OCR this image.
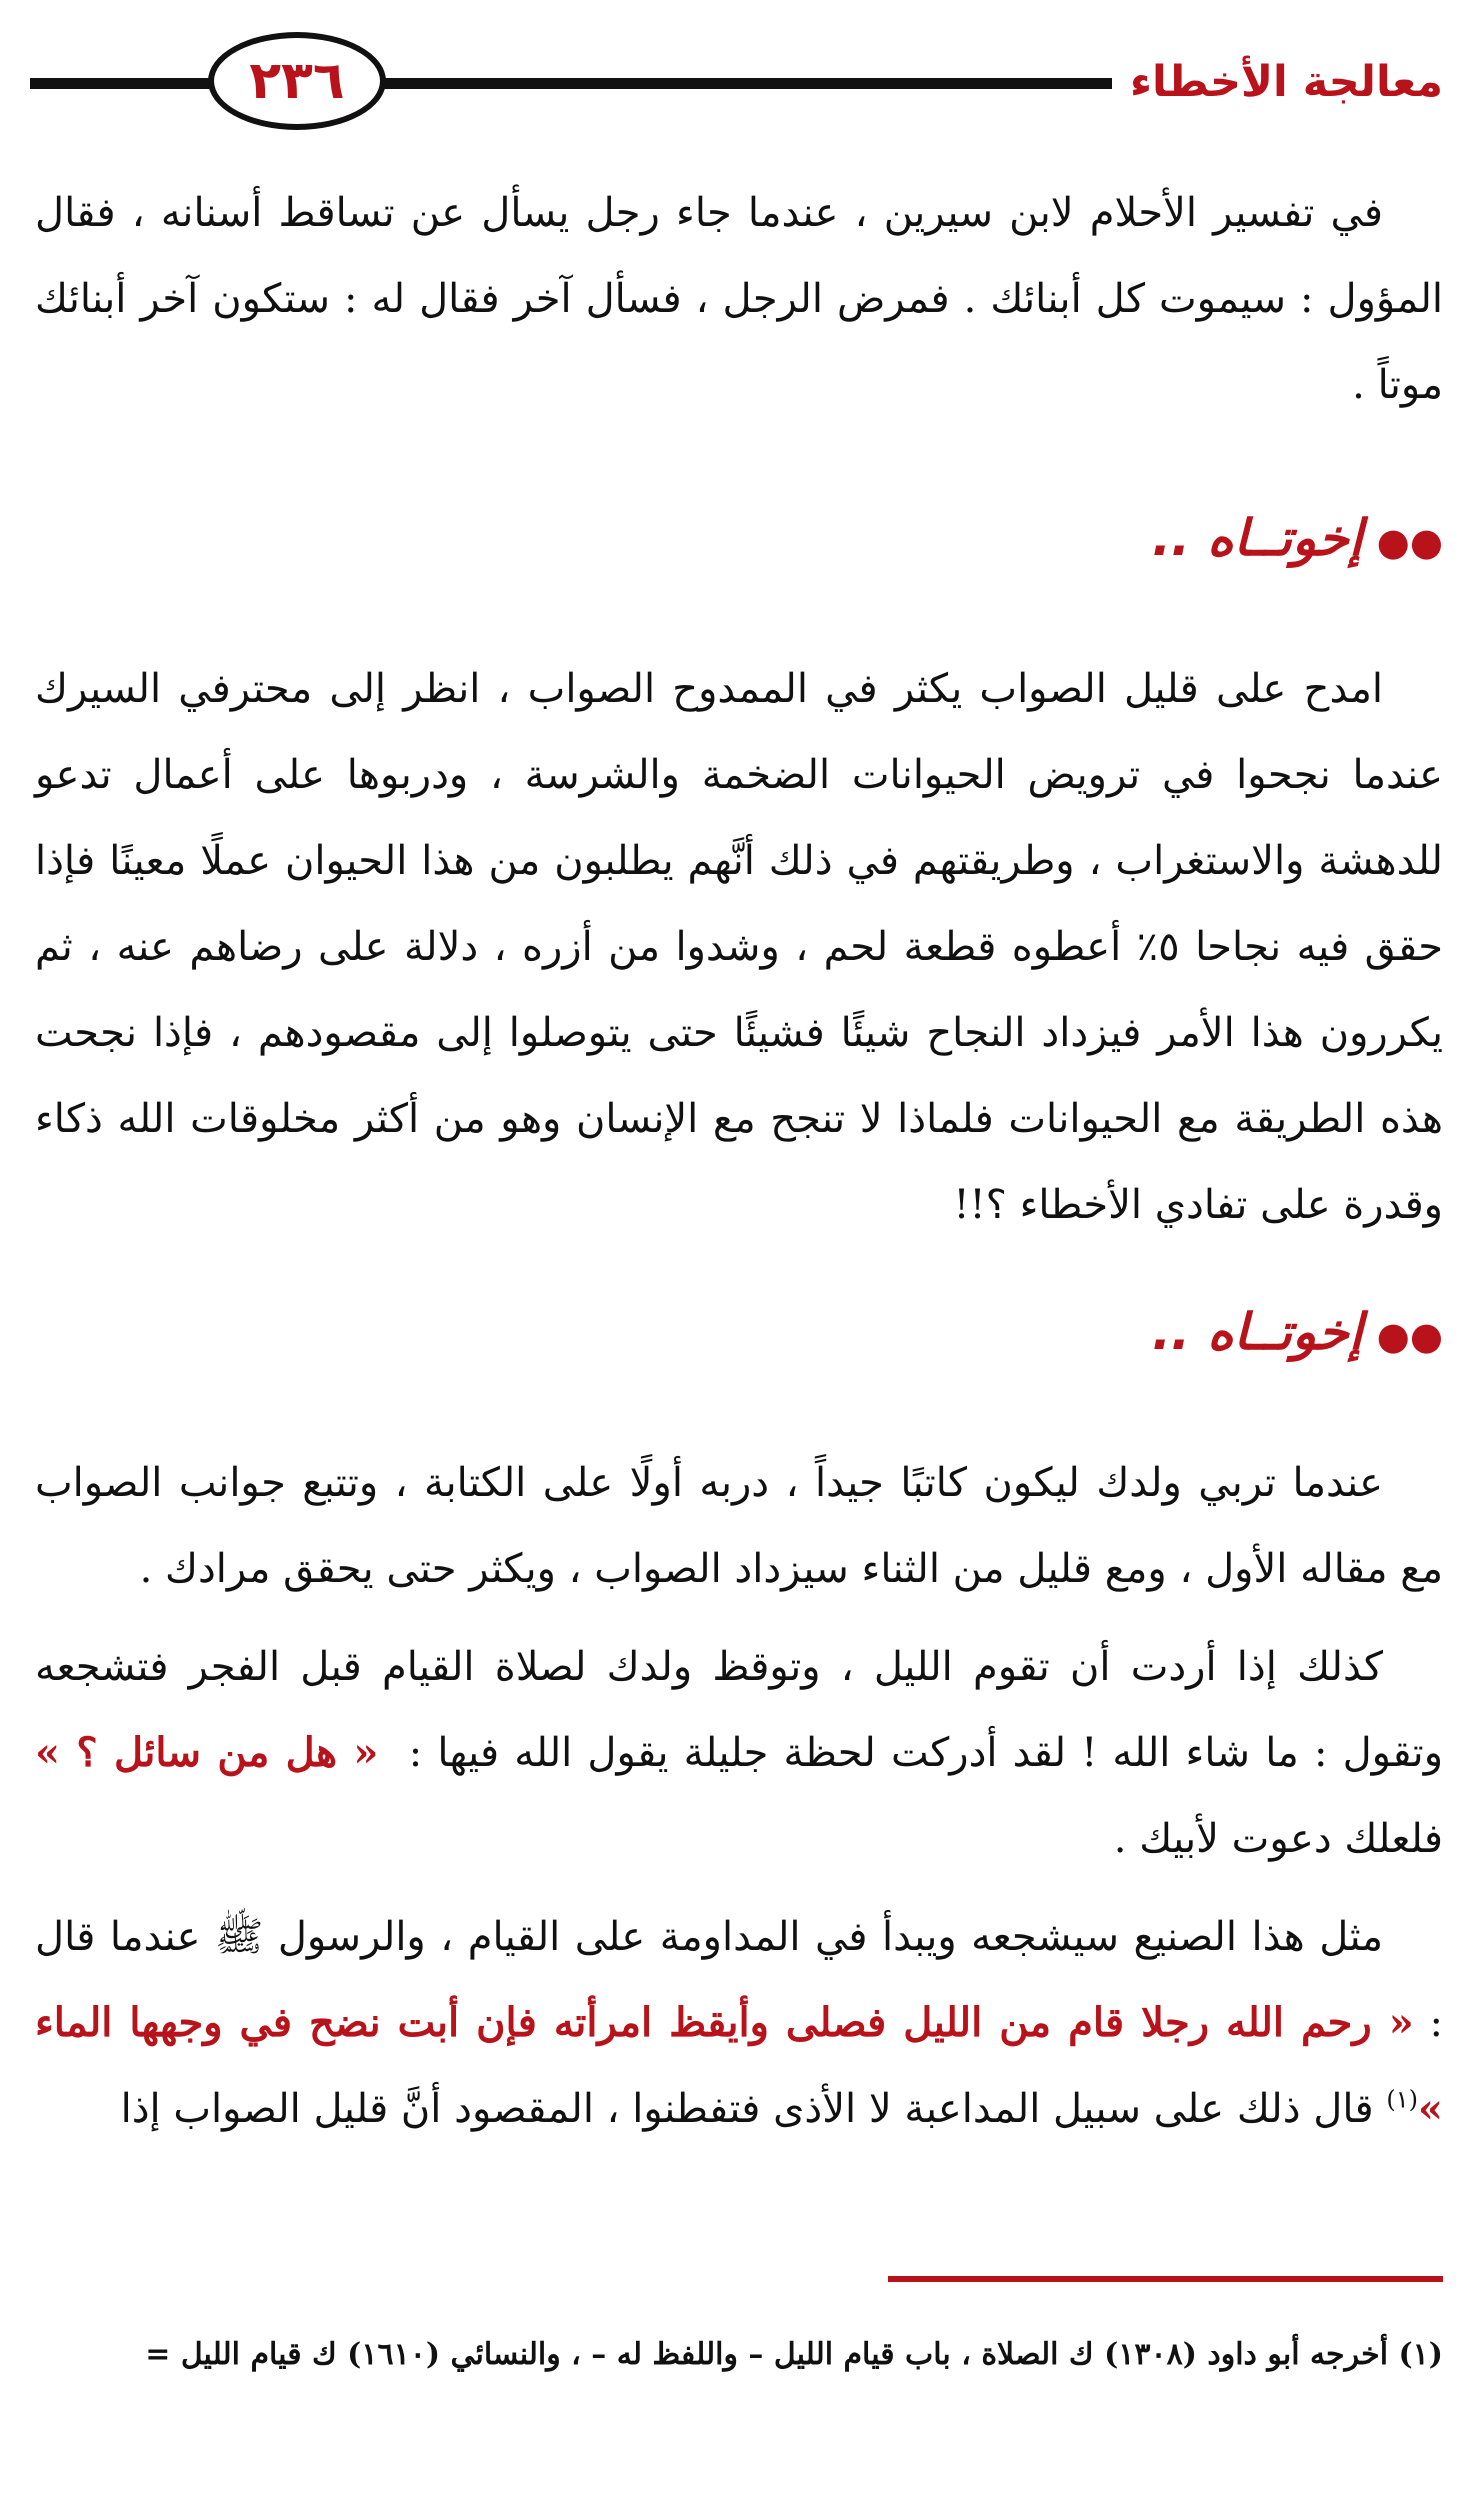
معالجة الأخطاء
٢٣٦

في تفسير الأحلام لابن سيرين ، عندما جاء رجل يسأل عن تساقط أسنانه ، فقال المؤول : سيموت كل أبنائك . فمرض الرجل ، فسأل آخر فقال له : ستكون آخر أبنائك موتاً .

●●إخوتــاه ..

امدح على قليل الصواب يكثر في الممدوح الصواب ، انظر إلى محترفي السيرك عندما نجحوا في ترويض الحيوانات الضخمة والشرسة ، ودربوها على أعمال تدعو للدهشة والاستغراب ، وطريقتهم في ذلك أنَّهم يطلبون من هذا الحيوان عملًا معينًا فإذا حقق فيه نجاحا ٥٪ أعطوه قطعة لحم ، وشدوا من أزره ، دلالة على رضاهم عنه ، ثم يكررون هذا الأمر فيزداد النجاح شيئًا فشيئًا حتى يتوصلوا إلى مقصودهم ، فإذا نجحت هذه الطريقة مع الحيوانات فلماذا لا تنجح مع الإنسان وهو من أكثر مخلوقات الله ذكاء وقدرة على تفادي الأخطاء ؟!!

●●إخوتــاه ..

عندما تربي ولدك ليكون كاتبًا جيداً ، دربه أولًا على الكتابة ، وتتبع جوانب الصواب مع مقاله الأول ، ومع قليل من الثناء سيزداد الصواب ، ويكثر حتى يحقق مرادك .

كذلك إذا أردت أن تقوم الليل ، وتوقظ ولدك لصلاة القيام قبل الفجر فتشجعه وتقول : ما شاء الله ! لقد أدركت لحظة جليلة يقول الله فيها :  « هل من سائل ؟ » فلعلك دعوت لأبيك .

مثل هذا الصنيع سيشجعه ويبدأ في المداومة على القيام ، والرسول ﷺ عندما قال : « رحم الله رجلا قام من الليل فصلى وأيقظ امرأته فإن أبت نضح في وجهها الماء »$^{(١)}$ قال ذلك على سبيل المداعبة لا الأذى فتفطنوا ، المقصود أنَّ قليل الصواب إذا

(١) أخرجه أبو داود (١٣٠٨) ك الصلاة ، باب قيام الليل – واللفظ له – ، والنسائي (١٦١٠) ك قيام الليل =
